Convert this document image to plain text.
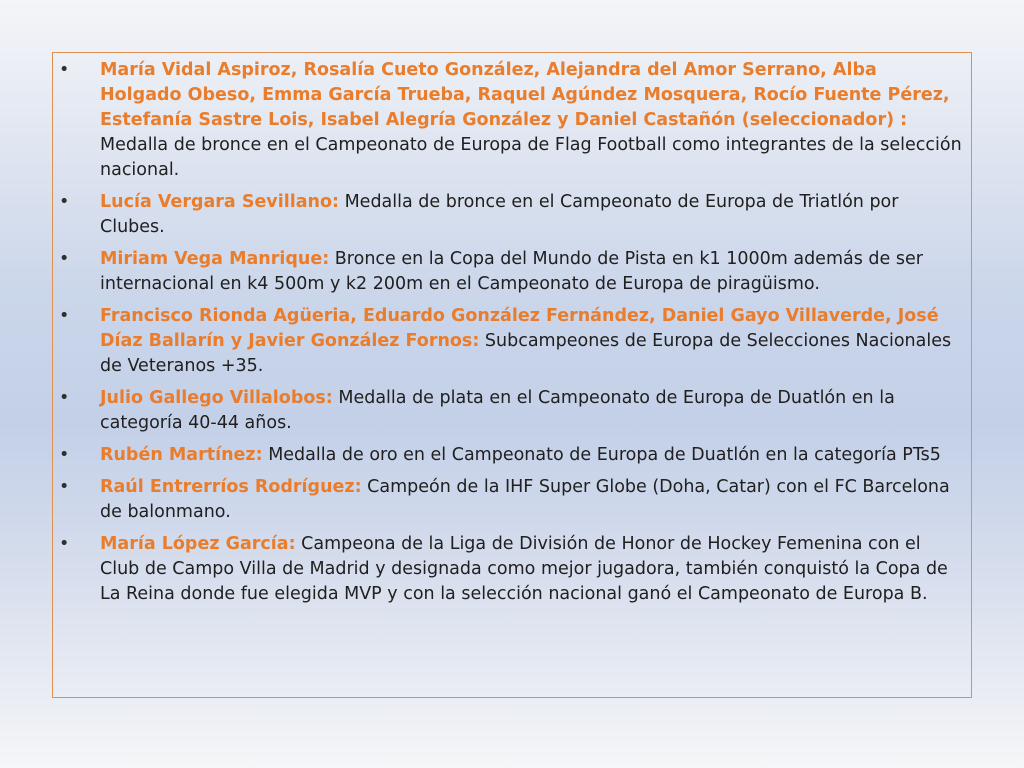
• María Vidal Aspiroz, Rosalía Cueto González, Alejandra del Amor Serrano, Alba Holgado Obeso, Emma García Trueba, Raquel Agúndez Mosquera, Rocío Fuente Pérez, Estefanía Sastre Lois, Isabel Alegría González y Daniel Castañón (seleccionador) : Medalla de bronce en el Campeonato de Europa de Flag Football como integrantes de la selección nacional.
• Lucía Vergara Sevillano: Medalla de bronce en el Campeonato de Europa de Triatlón por Clubes.
• Miriam Vega Manrique: Bronce en la Copa del Mundo de Pista en k1 1000m además de ser internacional en k4 500m y k2 200m en el Campeonato de Europa de piragüismo.
• Francisco Rionda Agüeria, Eduardo González Fernández, Daniel Gayo Villaverde, José Díaz Ballarín y Javier González Fornos: Subcampeones de Europa de Selecciones Nacionales de Veteranos +35.
• Julio Gallego Villalobos: Medalla de plata en el Campeonato de Europa de Duatlón en la categoría 40-44 años.
• Rubén Martínez: Medalla de oro en el Campeonato de Europa de Duatlón en la categoría PTs5
• Raúl Entrerríos Rodríguez: Campeón de la IHF Super Globe (Doha, Catar) con el FC Barcelona de balonmano.
• María López García: Campeona de la Liga de División de Honor de Hockey Femenina con el Club de Campo Villa de Madrid y designada como mejor jugadora, también conquistó la Copa de La Reina donde fue elegida MVP y con la selección nacional ganó el Campeonato de Europa B.
